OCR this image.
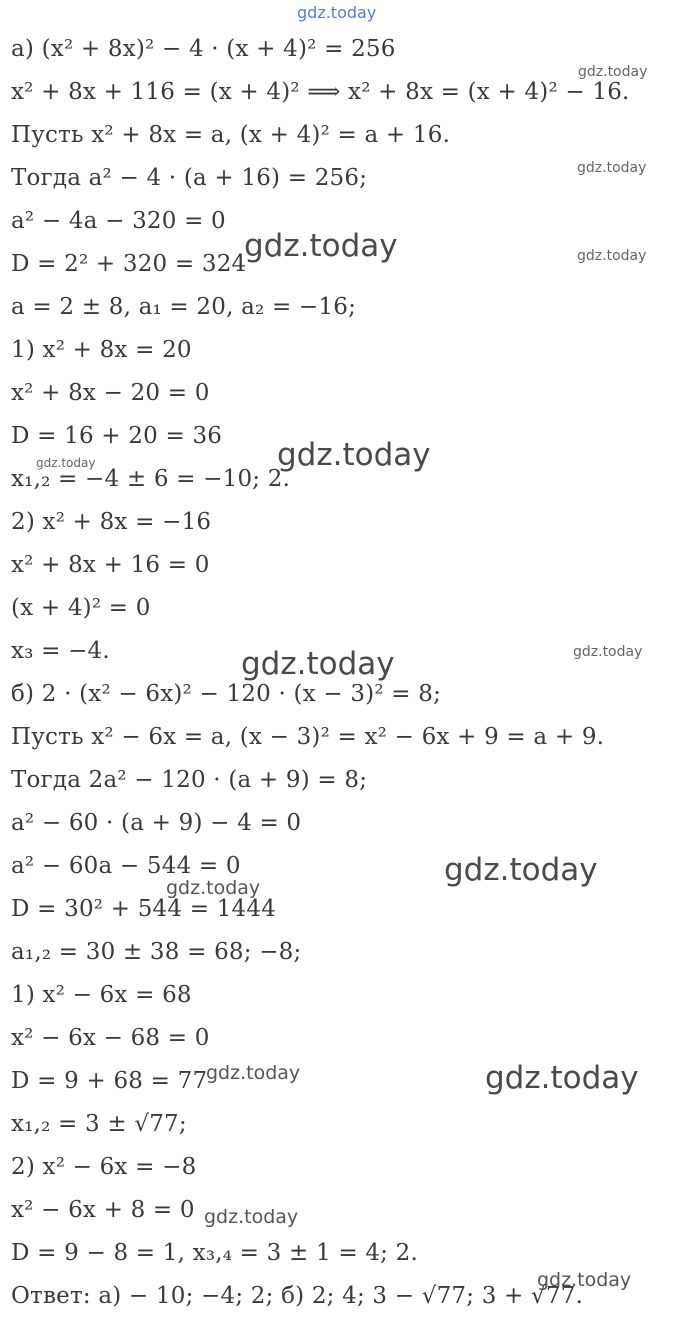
а) (x² + 8x)² − 4 · (x + 4)² = 256
x² + 8x + 116 = (x + 4)² ⟹ x² + 8x = (x + 4)² − 16.
Пусть x² + 8x = a, (x + 4)² = a + 16.
Тогда a² − 4 · (a + 16) = 256;
a² − 4a − 320 = 0
D = 2² + 320 = 324
a = 2 ± 8, a₁ = 20, a₂ = −16;
1) x² + 8x = 20
x² + 8x − 20 = 0
D = 16 + 20 = 36
x₁,₂ = −4 ± 6 = −10; 2.
2) x² + 8x = −16
x² + 8x + 16 = 0
(x + 4)² = 0
x₃ = −4.
б) 2 · (x² − 6x)² − 120 · (x − 3)² = 8;
Пусть x² − 6x = a, (x − 3)² = x² − 6x + 9 = a + 9.
Тогда 2a² − 120 · (a + 9) = 8;
a² − 60 · (a + 9) − 4 = 0
a² − 60a − 544 = 0
D = 30² + 544 = 1444
a₁,₂ = 30 ± 38 = 68; −8;
1) x² − 6x = 68
x² − 6x − 68 = 0
D = 9 + 68 = 77
x₁,₂ = 3 ± √77;
2) x² − 6x = −8
x² − 6x + 8 = 0
D = 9 − 8 = 1, x₃,₄ = 3 ± 1 = 4; 2.
Ответ: а) − 10; −4; 2; б) 2; 4; 3 − √77; 3 + √77.
gdz.today
gdz.today
gdz.today
gdz.today	gdz.today
gdz.today
gdz.today
gdz.today	gdz.today
gdz.today
gdz.today
gdz.today	gdz.today
gdz.today
gdz.today
